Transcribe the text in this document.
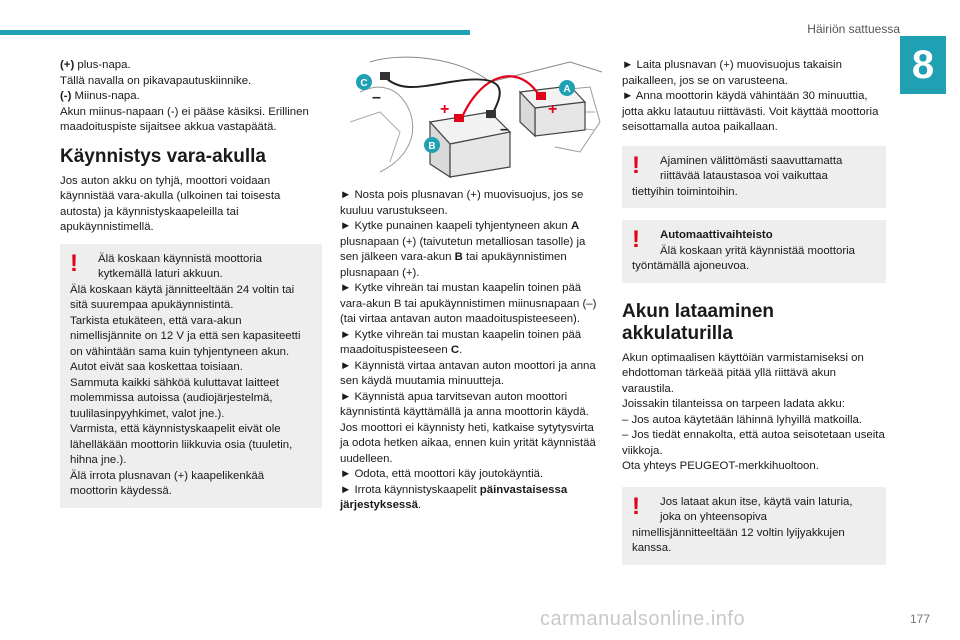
Häiriön sattuessa
8

(+) plus-napa.

Tällä navalla on pikavapautuskiinnike.

(-) Miinus-napa.

Akun miinus-napaan (-) ei pääse käsiksi. Erillinen maadoituspiste sijaitsee akkua vastapäätä.

Käynnistys vara-akulla

Jos auton akku on tyhjä, moottori voidaan käynnistää vara-akulla (ulkoinen tai toisesta autosta) ja käynnistyskaapeleilla tai apukäynnistimellä.

!	Älä koskaan käynnistä moottoria

kytkemällä laturi akkuun.

Älä koskaan käytä jännitteeltään 24 voltin tai sitä suurempaa apukäynnistintä.

Tarkista etukäteen, että vara-akun nimellisjännite on 12 V ja että sen kapasiteetti on vähintään sama kuin tyhjentyneen akun.

Autot eivät saa koskettaa toisiaan.

Sammuta kaikki sähköä kuluttavat laitteet molemmissa autoissa (audiojärjestelmä, tuulilasinpyyhkimet, valot jne.).

Varmista, että käynnistyskaapelit eivät ole lähelläkään moottorin liikkuvia osia (tuuletin, hihna jne.).

Älä irrota plusnavan (+) kaapelikenkää moottorin käydessä.

+
–
+
–
C
A
B

► Nosta pois plusnavan (+) muovisuojus, jos se kuuluu varustukseen.

► Kytke punainen kaapeli tyhjentyneen akun A plusnapaan (+) (taivutetun metalliosan tasolle) ja sen jälkeen vara-akun B tai apukäynnistimen plusnapaan (+).

► Kytke vihreän tai mustan kaapelin toinen pää vara-akun B tai apukäynnistimen miinusnapaan (–) (tai virtaa antavan auton maadoituspisteeseen).

► Kytke vihreän tai mustan kaapelin toinen pää maadoituspisteeseen C.

► Käynnistä virtaa antavan auton moottori ja anna sen käydä muutamia minuutteja.

► Käynnistä apua tarvitsevan auton moottori käynnistintä käyttämällä ja anna moottorin käydä.

Jos moottori ei käynnisty heti, katkaise sytytysvirta ja odota hetken aikaa, ennen kuin yrität käynnistää uudelleen.

► Odota, että moottori käy joutokäyntiä.

► Irrota käynnistyskaapelit päinvastaisessa järjestyksessä.

► Laita plusnavan (+) muovisuojus takaisin paikalleen, jos se on varusteena.

► Anna moottorin käydä vähintään 30 minuuttia, jotta akku latautuu riittävästi. Voit käyttää moottoria seisottamalla autoa paikallaan.

!	Ajaminen välittömästi saavuttamatta

riittävää lataustasoa voi vaikuttaa

tiettyihin toimintoihin.

!	Automaattivaihteisto

Älä koskaan yritä käynnistää moottoria

työntämällä ajoneuvoa.

Akun lataaminen akkulaturilla

Akun optimaalisen käyttöiän varmistamiseksi on ehdottoman tärkeää pitää yllä riittävä akun varaustila.

Joissakin tilanteissa on tarpeen ladata akku:

– Jos autoa käytetään lähinnä lyhyillä matkoilla.

– Jos tiedät ennakolta, että autoa seisotetaan useita viikkoja.

Ota yhteys PEUGEOT-merkkihuoltoon.

!	Jos lataat akun itse, käytä vain laturia,

joka on yhteensopiva

nimellisjännitteeltään 12 voltin lyijyakkujen kanssa.

carmanualsonline.info	177
